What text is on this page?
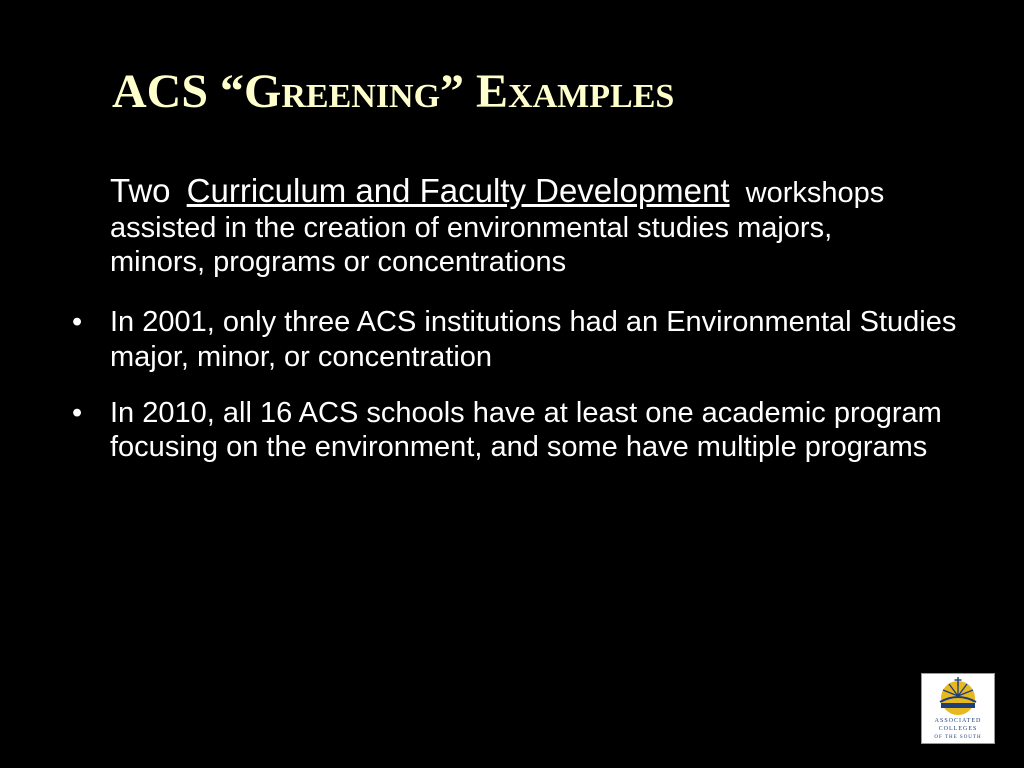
ACS “Greening” Examples

Two Curriculum and Faculty Development workshops assisted in the creation of environmental studies majors, minors, programs or concentrations

• In 2001, only three ACS institutions had an Environmental Studies major, minor, or concentration
• In 2010, all 16 ACS schools have at least one academic program focusing on the environment, and some have multiple programs
ASSOCIATED
COLLEGES
OF THE SOUTH
